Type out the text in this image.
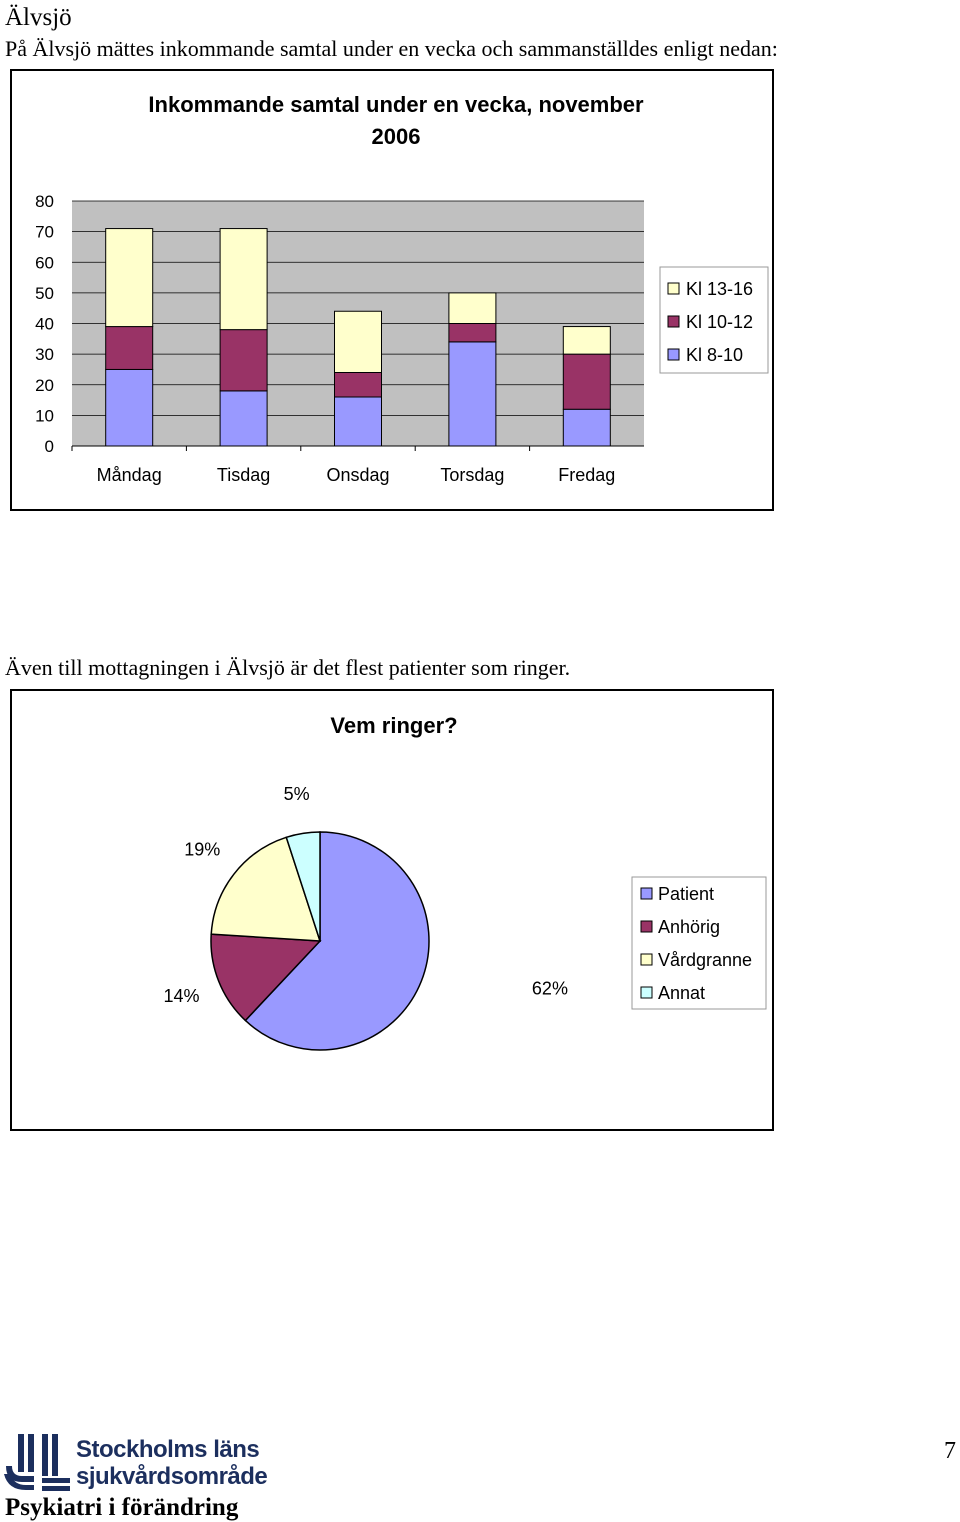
Älvsjö
På Älvsjö mättes inkommande samtal under en vecka och sammanställdes enligt nedan:
Inkommande samtal under en vecka, november
2006
0
10
20
30
40
50
60
70
80
Måndag	Tisdag	Onsdag	Torsdag	Fredag
Kl 13-16
Kl 10-12
Kl 8-10
Även till mottagningen i Älvsjö är det flest patienter som ringer.
Vem ringer?
62%
14%
19%
5%
Patient
Anhörig
Vårdgranne
Annat
Stockholms läns
sjukvårdsområde
Psykiatri i förändring
7
